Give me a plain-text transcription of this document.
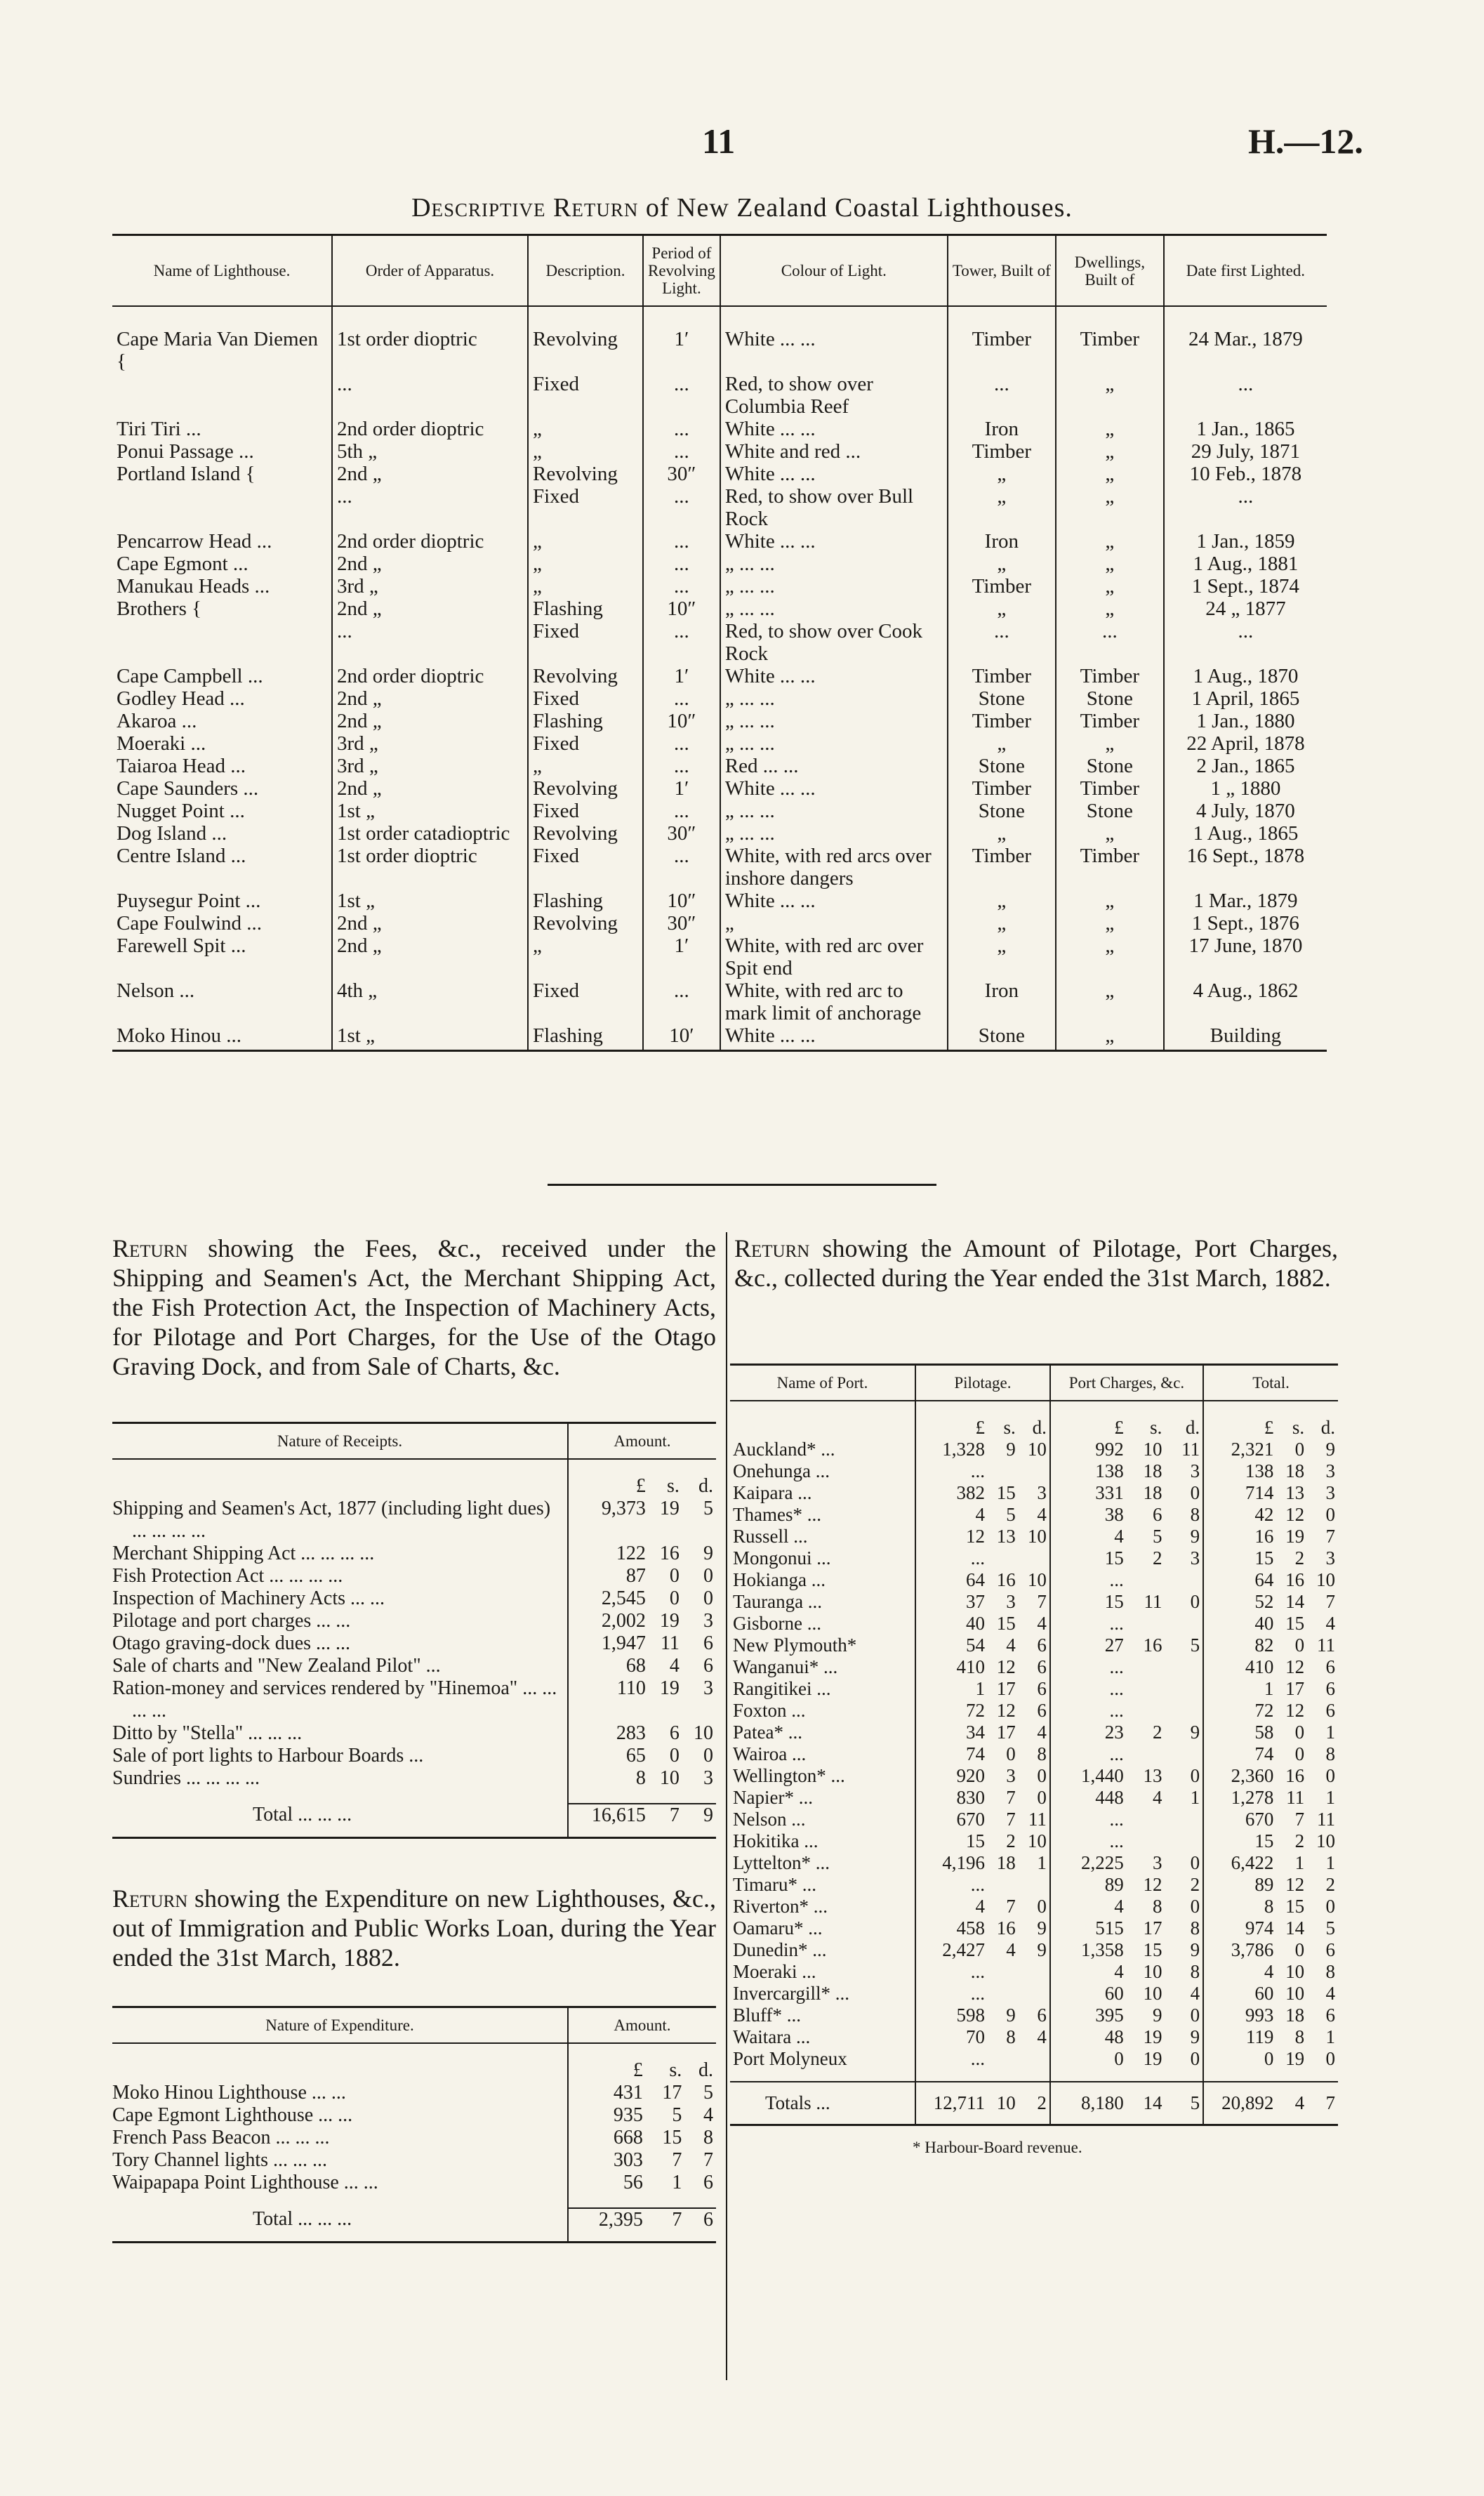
11	H.—12.
Descriptive Return of New Zealand Coastal Lighthouses.
Name of Lighthouse.	Order of Apparatus.	Description.	Period of Revolving Light.	Colour of Light.	Tower, Built of	Dwellings, Built of	Date first Lighted.
Cape Maria Van Diemen {	1st order dioptric	Revolving	1′	White ... ...	Timber	Timber	24 Mar., 1879
	...	Fixed	...	Red, to show over Columbia Reef	...	„	...
Tiri Tiri ...	2nd order dioptric	„	...	White ... ...	Iron	„	1 Jan., 1865
Ponui Passage ...	5th „	„	...	White and red ...	Timber	„	29 July, 1871
Portland Island {	2nd „	Revolving	30″	White ... ...	„	„	10 Feb., 1878
	...	Fixed	...	Red, to show over Bull Rock	„	„	...
Pencarrow Head ...	2nd order dioptric	„	...	White ... ...	Iron	„	1 Jan., 1859
Cape Egmont ...	2nd „	„	...	„ ... ...	„	„	1 Aug., 1881
Manukau Heads ...	3rd „	„	...	„ ... ...	Timber	„	1 Sept., 1874
Brothers {	2nd „	Flashing	10″	„ ... ...	„	„	24 „ 1877
	...	Fixed	...	Red, to show over Cook Rock	...	...	...
Cape Campbell ...	2nd order dioptric	Revolving	1′	White ... ...	Timber	Timber	1 Aug., 1870
Godley Head ...	2nd „	Fixed	...	„ ... ...	Stone	Stone	1 April, 1865
Akaroa ...	2nd „	Flashing	10″	„ ... ...	Timber	Timber	1 Jan., 1880
Moeraki ...	3rd „	Fixed	...	„ ... ...	„	„	22 April, 1878
Taiaroa Head ...	3rd „	„	...	Red ... ...	Stone	Stone	2 Jan., 1865
Cape Saunders ...	2nd „	Revolving	1′	White ... ...	Timber	Timber	1 „ 1880
Nugget Point ...	1st „	Fixed	...	„ ... ...	Stone	Stone	4 July, 1870
Dog Island ...	1st order catadioptric	Revolving	30″	„ ... ...	„	„	1 Aug., 1865
Centre Island ...	1st order dioptric	Fixed	...	White, with red arcs over inshore dangers	Timber	Timber	16 Sept., 1878
Puysegur Point ...	1st „	Flashing	10″	White ... ...	„	„	1 Mar., 1879
Cape Foulwind ...	2nd „	Revolving	30″	„	„	„	1 Sept., 1876
Farewell Spit ...	2nd „	„	1′	White, with red arc over Spit end	„	„	17 June, 1870
Nelson ...	4th „	Fixed	...	White, with red arc to mark limit of anchorage	Iron	„	4 Aug., 1862
Moko Hinou ...	1st „	Flashing	10′	White ... ...	Stone	„	Building
Return showing the Fees, &c., received under the Shipping and Seamen's Act, the Merchant Shipping Act, the Fish Protection Act, the Inspection of Machinery Acts, for Pilotage and Port Charges, for the Use of the Otago Graving Dock, and from Sale of Charts, &c.
Nature of Receipts.	Amount.		
	£	s.	d.
Shipping and Seamen's Act, 1877 (including light dues) ... ... ... ...	9,373	19	5
Merchant Shipping Act ... ... ... ...	122	16	9
Fish Protection Act ... ... ... ...	87	0	0
Inspection of Machinery Acts ... ...	2,545	0	0
Pilotage and port charges ... ...	2,002	19	3
Otago graving-dock dues ... ...	1,947	11	6
Sale of charts and "New Zealand Pilot" ...	68	4	6
Ration-money and services rendered by "Hinemoa" ... ... ... ...	110	19	3
Ditto by "Stella" ... ... ...	283	6	10
Sale of port lights to Harbour Boards ...	65	0	0
Sundries ... ... ... ...	8	10	3

Total ... ... ...	16,615	7	9
Return showing the Expenditure on new Lighthouses, &c., out of Immigration and Public Works Loan, during the Year ended the 31st March, 1882.
Nature of Expenditure.	Amount.		
	£	s.	d.
Moko Hinou Lighthouse ... ...	431	17	5
Cape Egmont Lighthouse ... ...	935	5	4
French Pass Beacon ... ... ...	668	15	8
Tory Channel lights ... ... ...	303	7	7
Waipapapa Point Lighthouse ... ...	56	1	6

Total ... ... ...	2,395	7	6
Return showing the Amount of Pilotage, Port Charges, &c., collected during the Year ended the 31st March, 1882.
Name of Port.	Pilotage.			Port Charges, &c.			Total.		
	£	s.	d.	£	s.	d.	£	s.	d.
Auckland* ...	1,328	9	10	992	10	11	2,321	0	9
Onehunga ...	...			138	18	3	138	18	3
Kaipara ...	382	15	3	331	18	0	714	13	3
Thames* ...	4	5	4	38	6	8	42	12	0
Russell ...	12	13	10	4	5	9	16	19	7
Mongonui ...	...			15	2	3	15	2	3
Hokianga ...	64	16	10	...			64	16	10
Tauranga ...	37	3	7	15	11	0	52	14	7
Gisborne ...	40	15	4	...			40	15	4
New Plymouth*	54	4	6	27	16	5	82	0	11
Wanganui* ...	410	12	6	...			410	12	6
Rangitikei ...	1	17	6	...			1	17	6
Foxton ...	72	12	6	...			72	12	6
Patea* ...	34	17	4	23	2	9	58	0	1
Wairoa ...	74	0	8	...			74	0	8
Wellington* ...	920	3	0	1,440	13	0	2,360	16	0
Napier* ...	830	7	0	448	4	1	1,278	11	1
Nelson ...	670	7	11	...			670	7	11
Hokitika ...	15	2	10	...			15	2	10
Lyttelton* ...	4,196	18	1	2,225	3	0	6,422	1	1
Timaru* ...	...			89	12	2	89	12	2
Riverton* ...	4	7	0	4	8	0	8	15	0
Oamaru* ...	458	16	9	515	17	8	974	14	5
Dunedin* ...	2,427	4	9	1,358	15	9	3,786	0	6
Moeraki ...	...			4	10	8	4	10	8
Invercargill* ...	...			60	10	4	60	10	4
Bluff* ...	598	9	6	395	9	0	993	18	6
Waitara ...	70	8	4	48	19	9	119	8	1
Port Molyneux	...			0	19	0	0	19	0

Totals ...	12,711	10	2	8,180	14	5	20,892	4	7
* Harbour-Board revenue.
